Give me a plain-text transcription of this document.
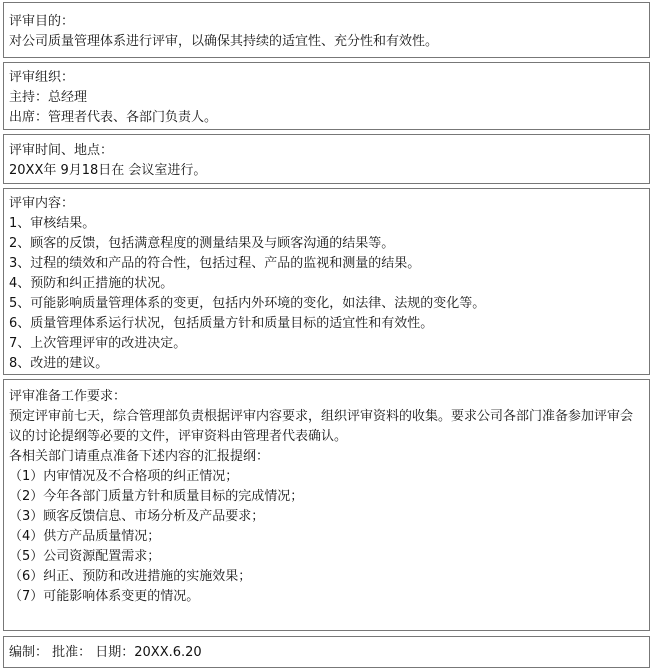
评审目的：
对公司质量管理体系进行评审，以确保其持续的适宜性、充分性和有效性。
评审组织：
主持：总经理
出席：管理者代表、各部门负责人。
评审时间、地点：
20XX年 9月18日在 会议室进行。
评审内容：
1、审核结果。
2、顾客的反馈，包括满意程度的测量结果及与顾客沟通的结果等。
3、过程的绩效和产品的符合性，包括过程、产品的监视和测量的结果。
4、预防和纠正措施的状况。
5、可能影响质量管理体系的变更，包括内外环境的变化，如法律、法规的变化等。
6、质量管理体系运行状况，包括质量方针和质量目标的适宜性和有效性。
7、上次管理评审的改进决定。
8、改进的建议。
评审准备工作要求：
预定评审前七天，综合管理部负责根据评审内容要求，组织评审资料的收集。要求公司各部门准备参加评审会议的讨论提纲等必要的文件，评审资料由管理者代表确认。
各相关部门请重点准备下述内容的汇报提纲：
（1）内审情况及不合格项的纠正情况；
（2）今年各部门质量方针和质量目标的完成情况；
（3）顾客反馈信息、市场分析及产品要求；
（4）供方产品质量情况；
（5）公司资源配置需求；
（6）纠正、预防和改进措施的实施效果；
（7）可能影响体系变更的情况。
编制： 批准： 日期：20XX.6.20
